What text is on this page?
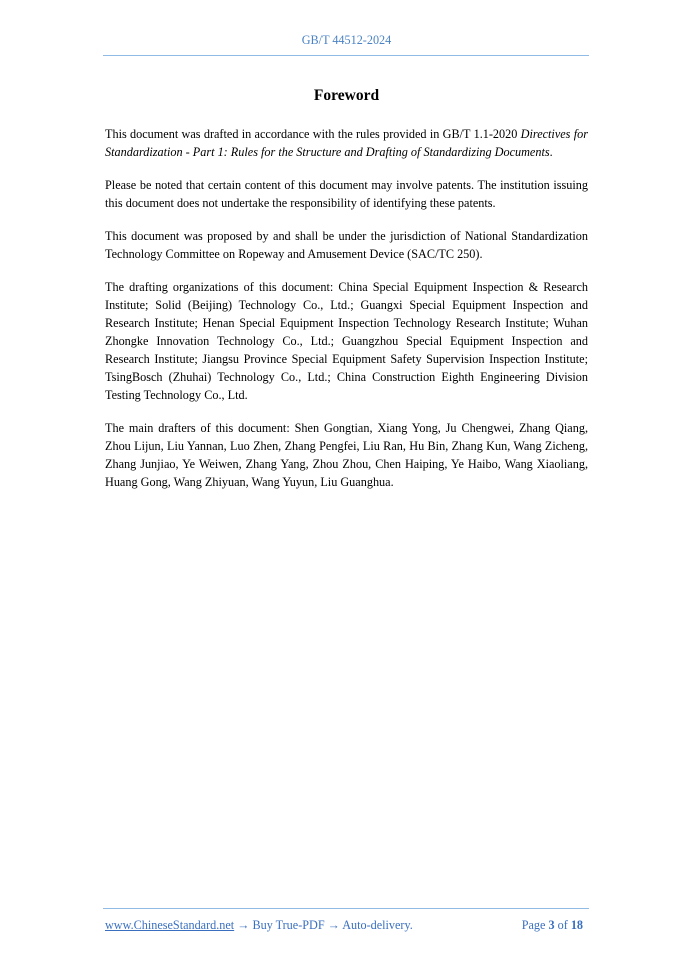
GB/T 44512-2024
Foreword

This document was drafted in accordance with the rules provided in GB/T 1.1-2020 Directives for Standardization - Part 1: Rules for the Structure and Drafting of Standardizing Documents.

Please be noted that certain content of this document may involve patents. The institution issuing this document does not undertake the responsibility of identifying these patents.

This document was proposed by and shall be under the jurisdiction of National Standardization Technology Committee on Ropeway and Amusement Device (SAC/TC 250).

The drafting organizations of this document: China Special Equipment Inspection & Research Institute; Solid (Beijing) Technology Co., Ltd.; Guangxi Special Equipment Inspection and Research Institute; Henan Special Equipment Inspection Technology Research Institute; Wuhan Zhongke Innovation Technology Co., Ltd.; Guangzhou Special Equipment Inspection and Research Institute; Jiangsu Province Special Equipment Safety Supervision Inspection Institute; TsingBosch (Zhuhai) Technology Co., Ltd.; China Construction Eighth Engineering Division Testing Technology Co., Ltd.

The main drafters of this document: Shen Gongtian, Xiang Yong, Ju Chengwei, Zhang Qiang, Zhou Lijun, Liu Yannan, Luo Zhen, Zhang Pengfei, Liu Ran, Hu Bin, Zhang Kun, Wang Zicheng, Zhang Junjiao, Ye Weiwen, Zhang Yang, Zhou Zhou, Chen Haiping, Ye Haibo, Wang Xiaoliang, Huang Gong, Wang Zhiyuan, Wang Yuyun, Liu Guanghua.

www.ChineseStandard.net → Buy True-PDF → Auto-delivery.	Page 3 of 18
